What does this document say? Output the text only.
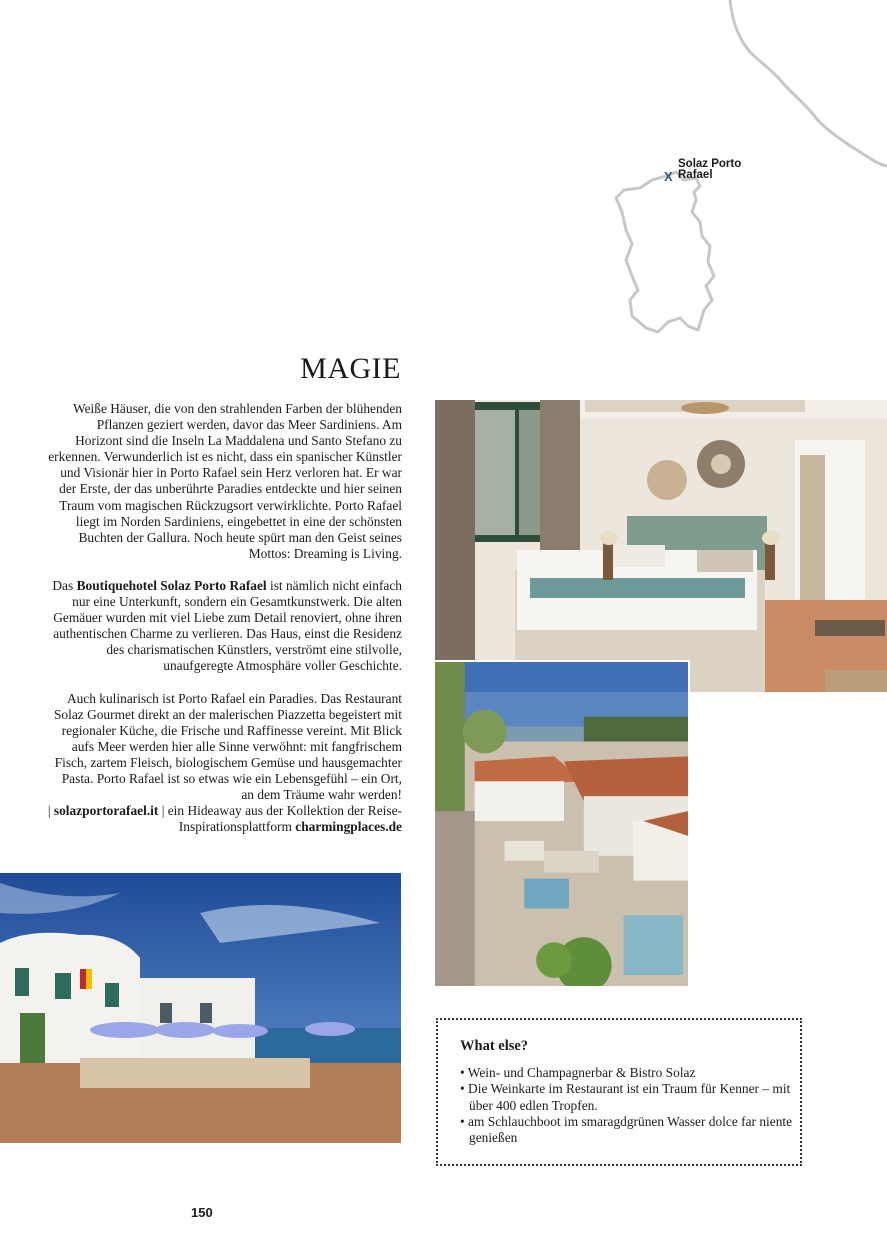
Solaz Porto
Rafael
X
MAGIE

Weiße Häuser, die von den strahlenden Farben der blühenden Pflanzen geziert werden, davor das Meer Sardiniens. Am Horizont sind die Inseln La Maddalena und Santo Stefano zu erkennen. Verwunderlich ist es nicht, dass ein spanischer Künstler und Visionär hier in Porto Rafael sein Herz verloren hat. Er war der Erste, der das unberührte Paradies entdeckte und hier seinen Traum vom magischen Rückzugsort verwirklichte. Porto Rafael liegt im Norden Sardiniens, eingebettet in eine der schönsten Buchten der Gallura. Noch heute spürt man den Geist seines Mottos: Dreaming is Living.

Das Boutiquehotel Solaz Porto Rafael ist nämlich nicht einfach nur eine Unterkunft, sondern ein Gesamtkunstwerk. Die alten Gemäuer wurden mit viel Liebe zum Detail renoviert, ohne ihren authentischen Charme zu verlieren. Das Haus, einst die Residenz des charismatischen Künstlers, verströmt eine stilvolle, unaufgeregte Atmosphäre voller Geschichte.

Auch kulinarisch ist Porto Rafael ein Paradies. Das Restaurant Solaz Gourmet direkt an der malerischen Piazzetta begeistert mit regionaler Küche, die Frische und Raffinesse vereint. Mit Blick aufs Meer werden hier alle Sinne verwöhnt: mit fangfrischem Fisch, zartem Fleisch, biologischem Gemüse und hausgemachter Pasta. Porto Rafael ist so etwas wie ein Lebensgefühl – ein Ort, an dem Träume wahr werden!
| solazportorafael.it | ein Hideaway aus der Kollektion der Reise-Inspirationsplattform charmingplaces.de

What else?
• Wein- und Champagnerbar & Bistro Solaz
• Die Weinkarte im Restaurant ist ein Traum für Kenner – mit über 400 edlen Tropfen.
• am Schlauchboot im smaragdgrünen Wasser dolce far niente genießen
150
